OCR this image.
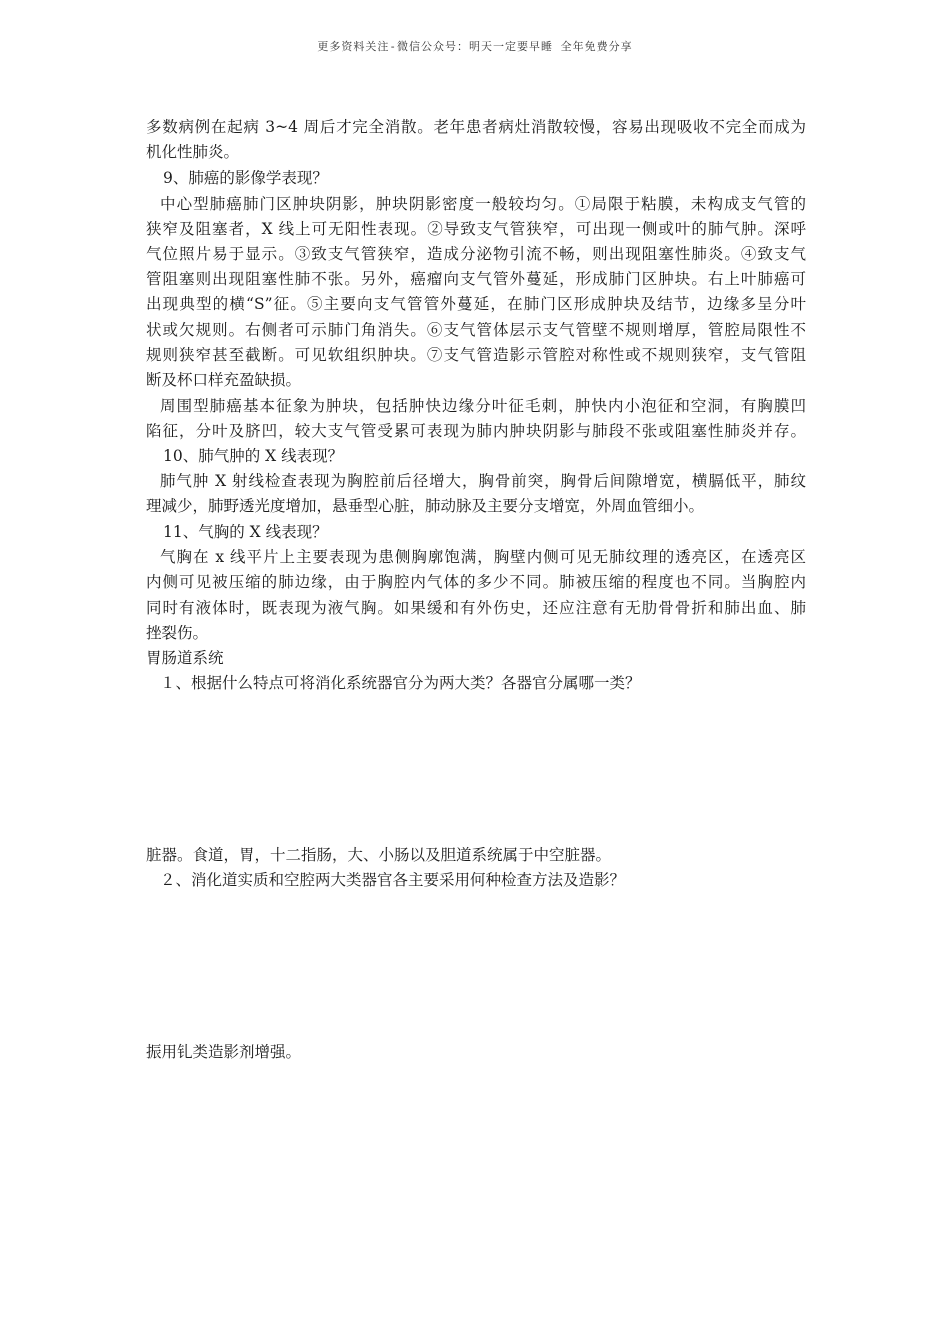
更多资料关注-微信公众号：明天一定要早睡 全年免费分享
多数病例在起病 3~4 周后才完全消散。老年患者病灶消散较慢，容易出现吸收不完全而成为
机化性肺炎。
9、肺癌的影像学表现？
中心型肺癌肺门区肿块阴影，肿块阴影密度一般较均匀。①局限于粘膜，未构成支气管的
狭窄及阻塞者，X 线上可无阳性表现。②导致支气管狭窄，可出现一侧或叶的肺气肿。深呼
气位照片易于显示。③致支气管狭窄，造成分泌物引流不畅，则出现阻塞性肺炎。④致支气
管阻塞则出现阻塞性肺不张。另外，癌瘤向支气管外蔓延，形成肺门区肿块。右上叶肺癌可
出现典型的横“S”征。⑤主要向支气管管外蔓延，在肺门区形成肿块及结节，边缘多呈分叶
状或欠规则。右侧者可示肺门角消失。⑥支气管体层示支气管壁不规则增厚，管腔局限性不
规则狭窄甚至截断。可见软组织肿块。⑦支气管造影示管腔对称性或不规则狭窄，支气管阻
断及杯口样充盈缺损。
周围型肺癌基本征象为肿块，包括肿快边缘分叶征毛刺，肿快内小泡征和空洞，有胸膜凹
陷征，分叶及脐凹，较大支气管受累可表现为肺内肿块阴影与肺段不张或阻塞性肺炎并存。
10、肺气肿的 X 线表现？
肺气肿 X 射线检查表现为胸腔前后径增大，胸骨前突，胸骨后间隙增宽，横膈低平，肺纹
理减少，肺野透光度增加，悬垂型心脏，肺动脉及主要分支增宽，外周血管细小。
11、气胸的 X 线表现？
气胸在 x 线平片上主要表现为患侧胸廓饱满，胸壁内侧可见无肺纹理的透亮区，在透亮区
内侧可见被压缩的肺边缘，由于胸腔内气体的多少不同。肺被压缩的程度也不同。当胸腔内
同时有液体时，既表现为液气胸。如果缓和有外伤史，还应注意有无肋骨骨折和肺出血、肺
挫裂伤。
胃肠道系统
１、根据什么特点可将消化系统器官分为两大类？各器官分属哪一类？
脏器。食道，胃，十二指肠，大、小肠以及胆道系统属于中空脏器。
２、消化道实质和空腔两大类器官各主要采用何种检查方法及造影？
振用钆类造影剂增强。
